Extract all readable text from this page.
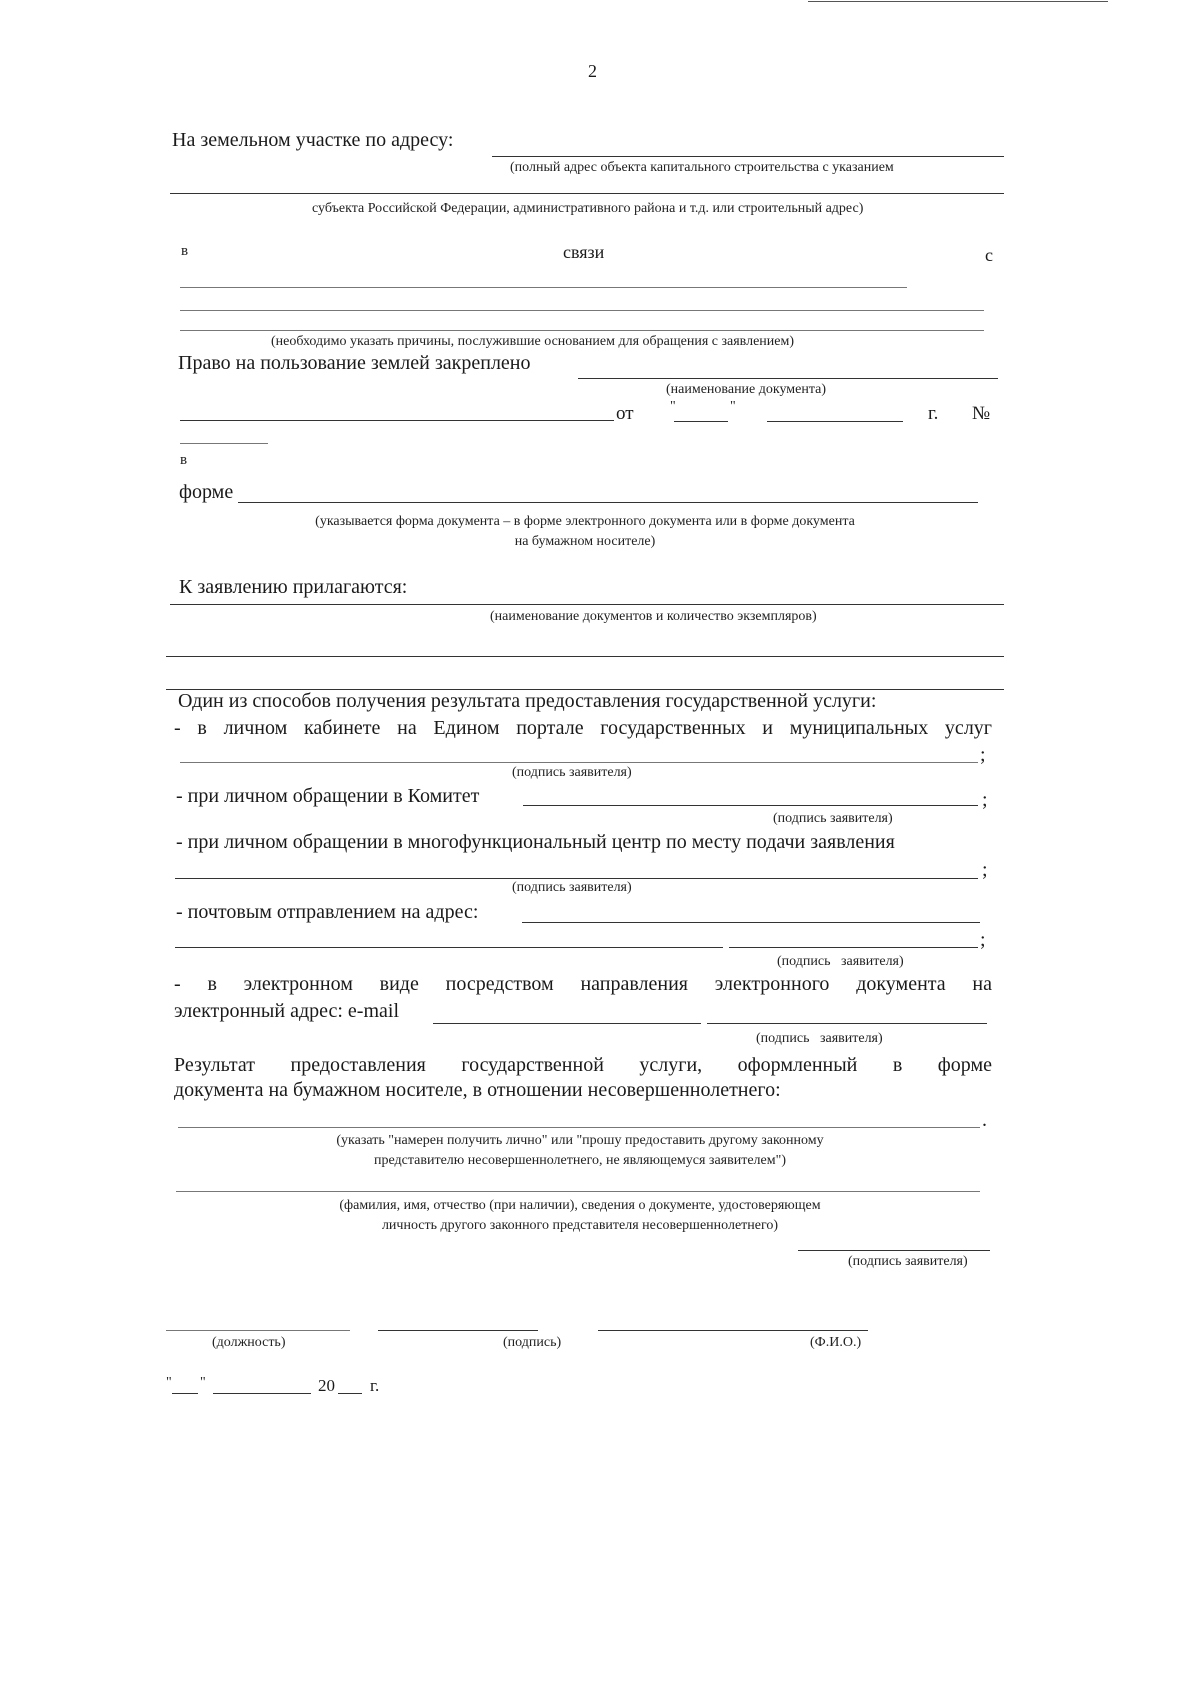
2
На земельном участке по адресу:
(полный адрес объекта капитального строительства с указанием
субъекта Российской Федерации, административного района и т.д. или строительный адрес)
в	связи	с
(необходимо указать причины, послужившие основанием для обращения с заявлением)
Право на пользование землей закреплено
(наименование документа)
от	"	"	г. №
в
форме
(указывается форма документа – в форме электронного документа или в форме документа
на бумажном носителе)
К заявлению прилагаются:
(наименование документов и количество экземпляров)
Один из способов получения результата предоставления государственной услуги:
- в личном кабинете на Едином портале государственных и муниципальных услуг
;
(подпись заявителя)
- при личном обращении в Комитет	;
(подпись заявителя)
- при личном обращении в многофункциональный центр по месту подачи заявления
;
(подпись заявителя)
- почтовым отправлением на адрес:
;
(подпись   заявителя)
- в электронном виде посредством направления электронного документа на
электронный адрес: e-mail
(подпись   заявителя)
Результат предоставления государственной услуги, оформленный в форме
документа на бумажном носителе, в отношении несовершеннолетнего:
.
(указать "намерен получить лично" или "прошу предоставить другому законному
представителю несовершеннолетнего, не являющемуся заявителем")
(фамилия, имя, отчество (при наличии), сведения о документе, удостоверяющем
личность другого законного представителя несовершеннолетнего)
(подпись заявителя)
(должность)	(подпись)	(Ф.И.О.)
" "	20 г.
